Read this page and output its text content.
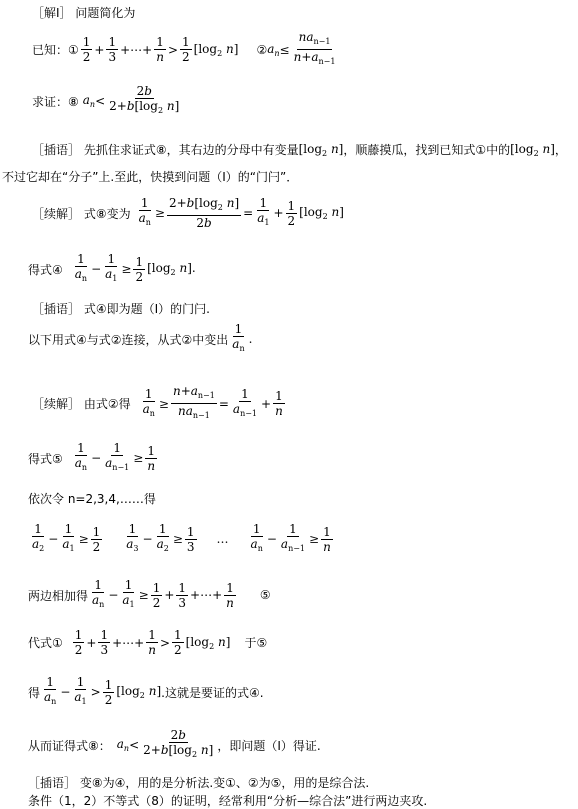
［解Ⅰ］ 问题简化为
已知：①
1
2
+ $\frac{1}{3}$ +⋯+ $\frac{1}{n}$ >
1
2
[$\log_2$ n] ② $a_n$ ≤
$na_{n-1}$
$n+a_{n-1}$
求证：⑧ $a_n$ <
2b
$2+b[\log_2$ n]
［插语］ 先抓住求证式⑧，其右边的分母中有变量 [$\log_2$ n] ，顺藤摸瓜，找到已知式①中的 [$\log_2$ n] ，
不过它却在“分子”上.至此，快摸到问题（Ⅰ）的“门闩”．
［续解］ 式⑧变为 $\frac{1}{a_n} \ge \frac{2+b[\log_2 n]}{2b} = \frac{1}{a_1} + \frac{1}{2} [\log_2$ n]
得式④
1
$a_n$
− $\frac{1}{a_1} \ge \frac{1}{2} [\log_2$ n].
［插语］ 式④即为题（Ⅰ）的门闩.
以下用式④与式②连接，从式②中变出
1
$a_n$
.
［续解］ 由式②得 $\frac{1}{a_n}$ ≥
$n+a_{n-1}$
$na_{n-1}$
= $\frac{1}{a_{n-1}} + \frac{1}{n}$
得式⑤
1
$a_n$
− $\frac{1}{a_{n-1}} \ge \frac{1}{n}$
依次令 n=2,3,4,……得
1
$a_2$
− $\frac{1}{a_1} \ge \frac{1}{2} 1$
$a_3$
− $\frac{1}{a_2} \ge \frac{1}{3}$ …
1
$a_n$
− $\frac{1}{a_{n-1}} \ge \frac{1}{n}$
两边相加得
1
$a_n$
− $\frac{1}{a_1} \ge \frac{1}{2} + \frac{1}{3}$ +⋯+ $\frac{1}{n}$ ⑤
代式①
1
2
+ $\frac{1}{3}$ +⋯+ $\frac{1}{n}$ >
1
2
[$\log_2$ n] 于⑤
得
1
$a_n$
− $\frac{1}{a_1}$ >
1
2
[$\log_2$ n] .这就是要证的式④.
从而证得式⑧： $a_n$ <
2b
$2+b[\log_2$ n] ，即问题（Ⅰ）得证.
［插语］ 变⑧为④，用的是分析法.变①、②为⑤，用的是综合法.
条件（1，2）不等式（8）的证明，经常利用“分析—综合法”进行两边夹攻.
